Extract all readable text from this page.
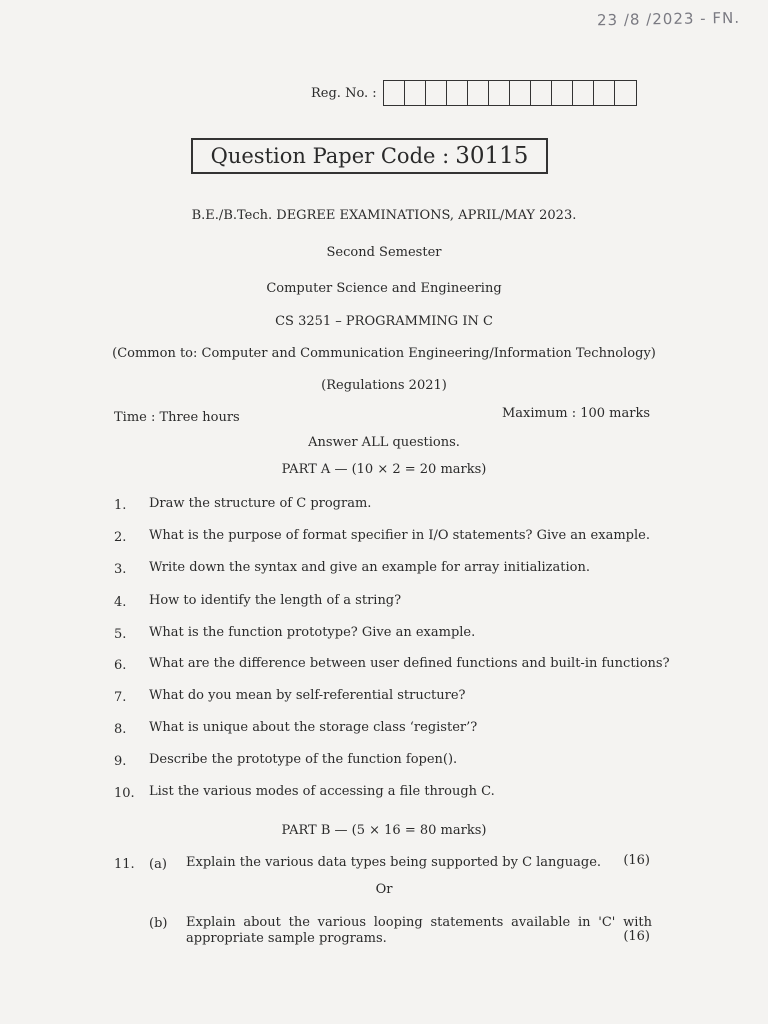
23 /8 /2023 - FN.
Reg. No. :
Question Paper Code : 30115
B.E./B.Tech. DEGREE EXAMINATIONS, APRIL/MAY 2023.
Second Semester
Computer Science and Engineering
CS 3251 – PROGRAMMING IN C
(Common to: Computer and Communication Engineering/Information Technology)
(Regulations 2021)
Time : Three hours	Maximum : 100 marks
Answer ALL questions.
PART A — (10 × 2 = 20 marks)
1. Draw the structure of C program.
2. What is the purpose of format specifier in I/O statements? Give an example.
3. Write down the syntax and give an example for array initialization.
4. How to identify the length of a string?
5. What is the function prototype? Give an example.
6. What are the difference between user defined functions and built-in functions?
7. What do you mean by self-referential structure?
8. What is unique about the storage class ‘register’?
9. Describe the prototype of the function fopen().
10. List the various modes of accessing a file through C.
PART B — (5 × 16 = 80 marks)
11. (a) Explain the various data types being supported by C language. (16)
Or
(b) Explain about the various looping statements available in 'C' with
appropriate sample programs.	(16)
